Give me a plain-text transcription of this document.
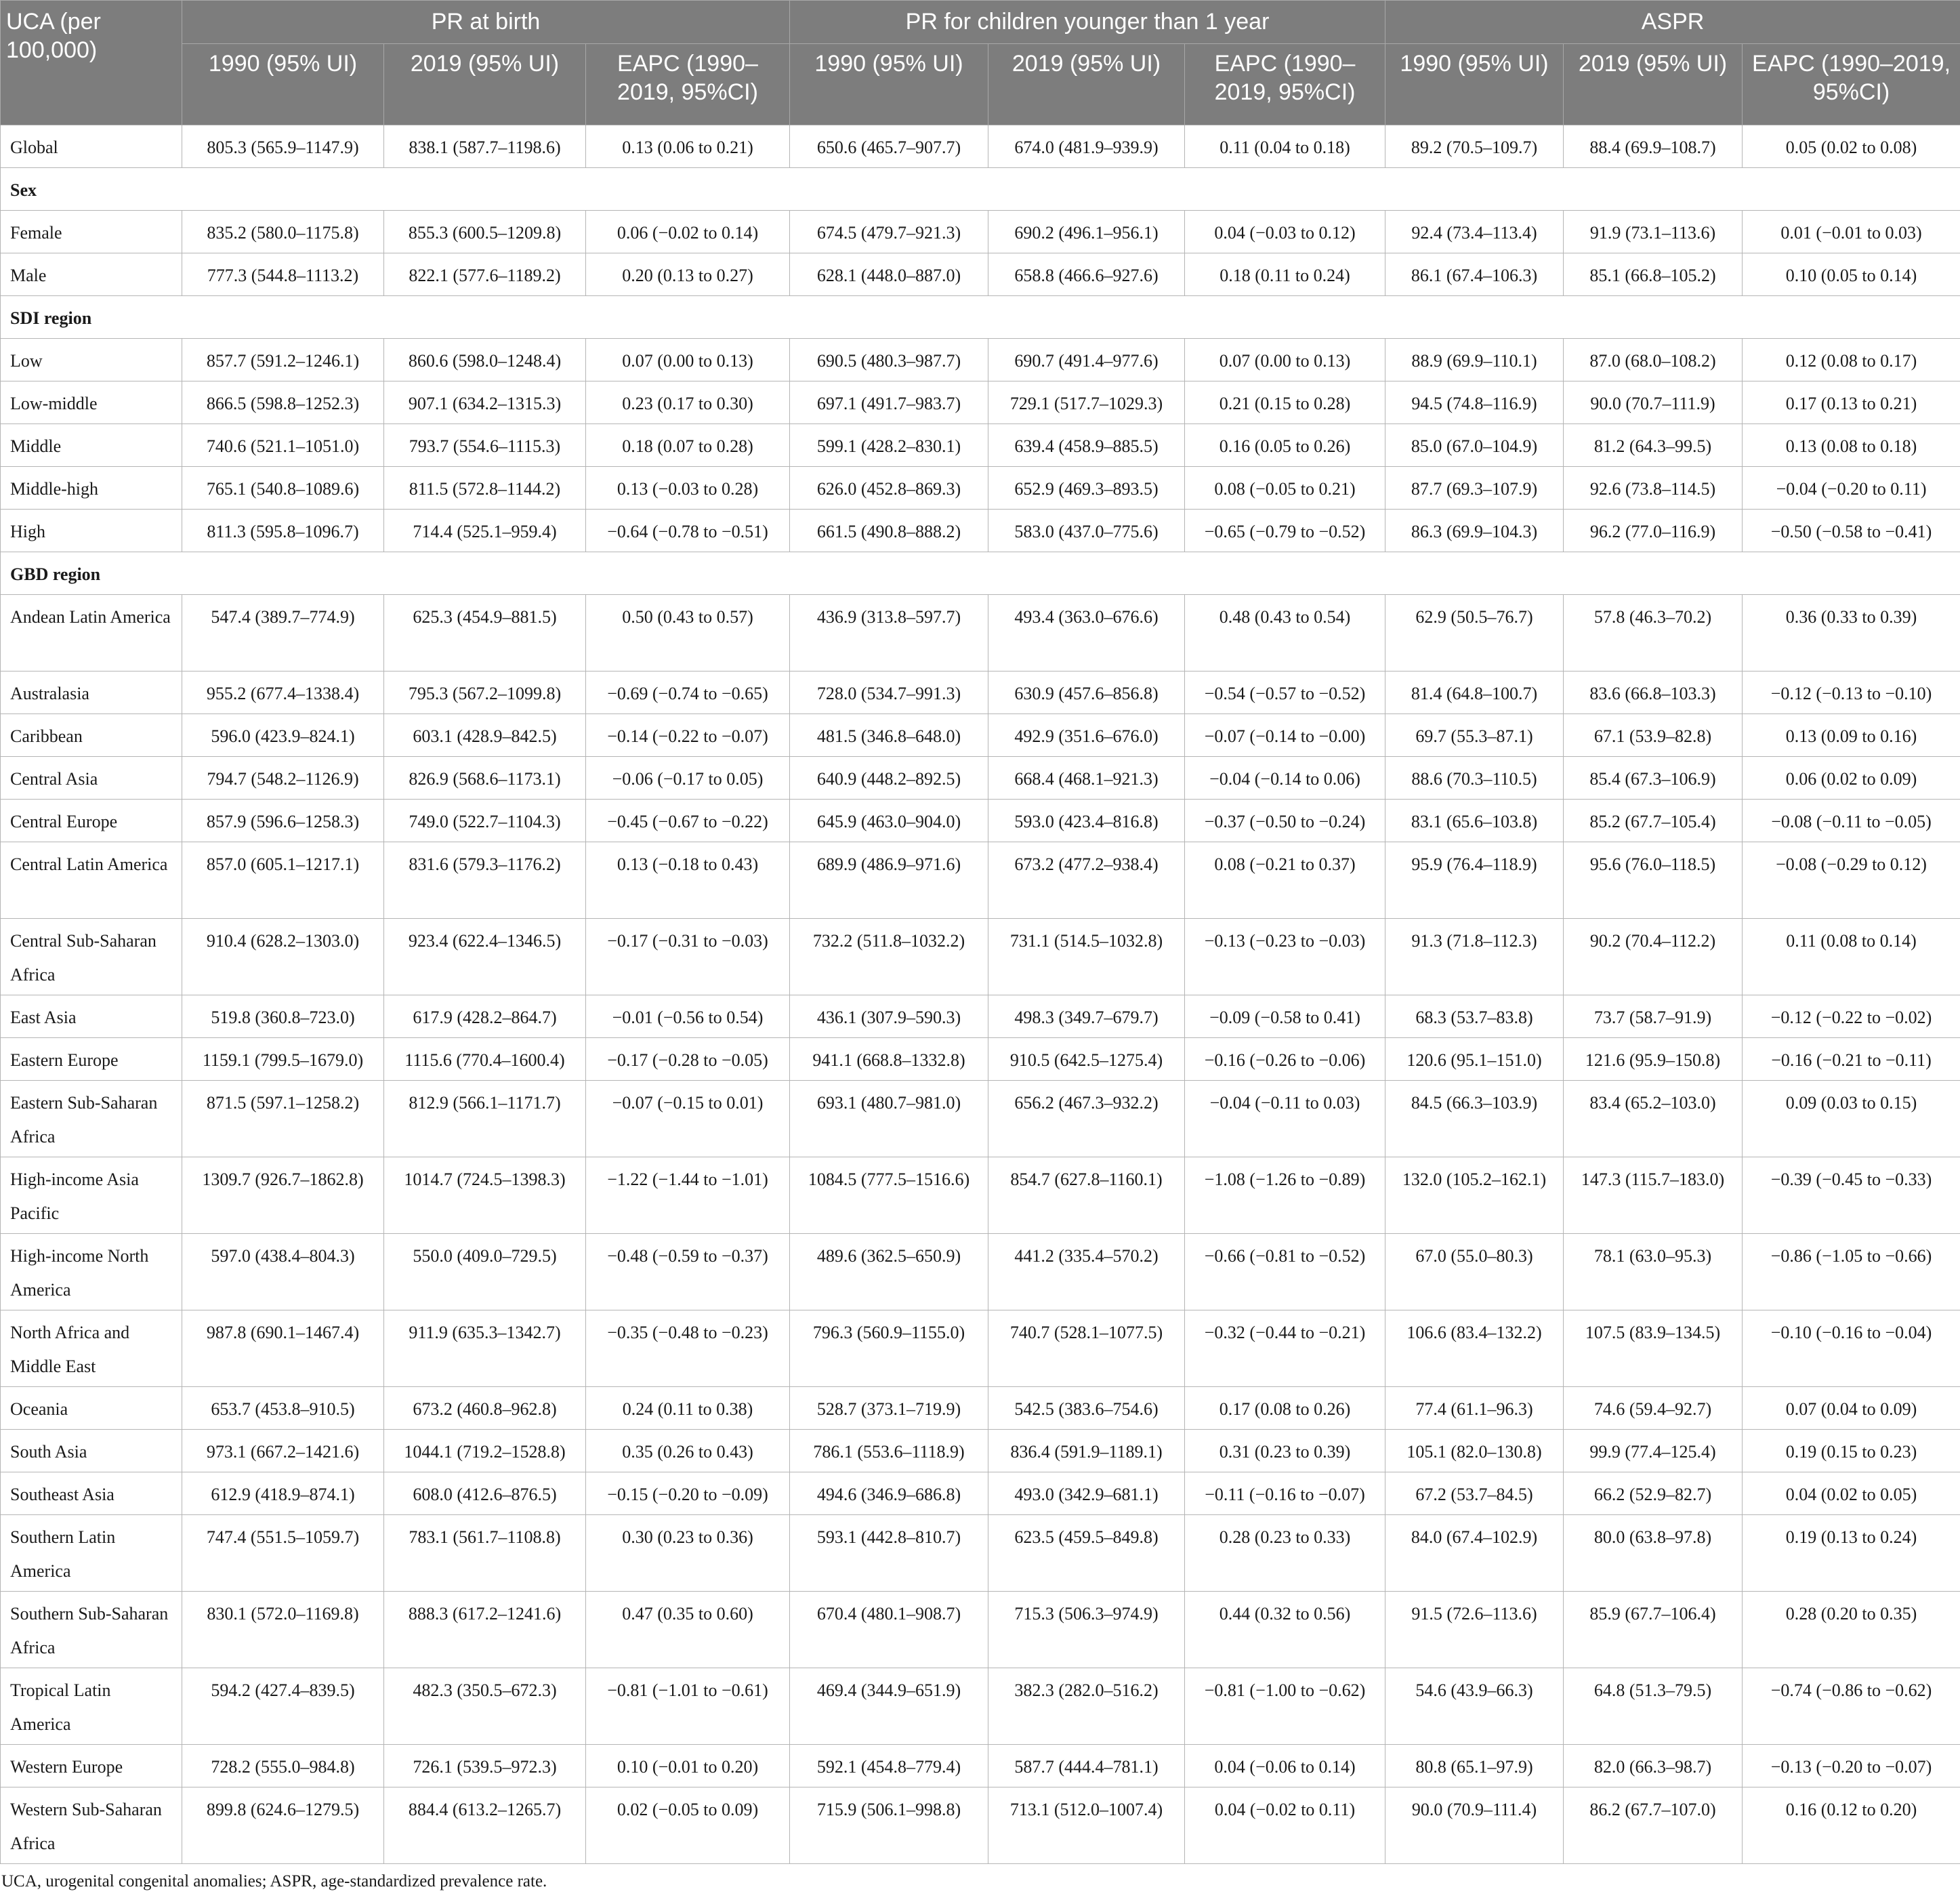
UCA (per 100,000)	PR at birth			PR for children younger than 1 year			ASPR		
	1990 (95% UI)	2019 (95% UI)	EAPC (1990–2019, 95%CI)	1990 (95% UI)	2019 (95% UI)	EAPC (1990–2019, 95%CI)	1990 (95% UI)	2019 (95% UI)	EAPC (1990–2019, 95%CI)
Global	805.3 (565.9–1147.9)	838.1 (587.7–1198.6)	0.13 (0.06 to 0.21)	650.6 (465.7–907.7)	674.0 (481.9–939.9)	0.11 (0.04 to 0.18)	89.2 (70.5–109.7)	88.4 (69.9–108.7)	0.05 (0.02 to 0.08)
Sex									
Female	835.2 (580.0–1175.8)	855.3 (600.5–1209.8)	0.06 (−0.02 to 0.14)	674.5 (479.7–921.3)	690.2 (496.1–956.1)	0.04 (−0.03 to 0.12)	92.4 (73.4–113.4)	91.9 (73.1–113.6)	0.01 (−0.01 to 0.03)
Male	777.3 (544.8–1113.2)	822.1 (577.6–1189.2)	0.20 (0.13 to 0.27)	628.1 (448.0–887.0)	658.8 (466.6–927.6)	0.18 (0.11 to 0.24)	86.1 (67.4–106.3)	85.1 (66.8–105.2)	0.10 (0.05 to 0.14)
SDI region									
Low	857.7 (591.2–1246.1)	860.6 (598.0–1248.4)	0.07 (0.00 to 0.13)	690.5 (480.3–987.7)	690.7 (491.4–977.6)	0.07 (0.00 to 0.13)	88.9 (69.9–110.1)	87.0 (68.0–108.2)	0.12 (0.08 to 0.17)
Low-middle	866.5 (598.8–1252.3)	907.1 (634.2–1315.3)	0.23 (0.17 to 0.30)	697.1 (491.7–983.7)	729.1 (517.7–1029.3)	0.21 (0.15 to 0.28)	94.5 (74.8–116.9)	90.0 (70.7–111.9)	0.17 (0.13 to 0.21)
Middle	740.6 (521.1–1051.0)	793.7 (554.6–1115.3)	0.18 (0.07 to 0.28)	599.1 (428.2–830.1)	639.4 (458.9–885.5)	0.16 (0.05 to 0.26)	85.0 (67.0–104.9)	81.2 (64.3–99.5)	0.13 (0.08 to 0.18)
Middle-high	765.1 (540.8–1089.6)	811.5 (572.8–1144.2)	0.13 (−0.03 to 0.28)	626.0 (452.8–869.3)	652.9 (469.3–893.5)	0.08 (−0.05 to 0.21)	87.7 (69.3–107.9)	92.6 (73.8–114.5)	−0.04 (−0.20 to 0.11)
High	811.3 (595.8–1096.7)	714.4 (525.1–959.4)	−0.64 (−0.78 to −0.51)	661.5 (490.8–888.2)	583.0 (437.0–775.6)	−0.65 (−0.79 to −0.52)	86.3 (69.9–104.3)	96.2 (77.0–116.9)	−0.50 (−0.58 to −0.41)
GBD region									
Andean Latin America	547.4 (389.7–774.9)	625.3 (454.9–881.5)	0.50 (0.43 to 0.57)	436.9 (313.8–597.7)	493.4 (363.0–676.6)	0.48 (0.43 to 0.54)	62.9 (50.5–76.7)	57.8 (46.3–70.2)	0.36 (0.33 to 0.39)
Australasia	955.2 (677.4–1338.4)	795.3 (567.2–1099.8)	−0.69 (−0.74 to −0.65)	728.0 (534.7–991.3)	630.9 (457.6–856.8)	−0.54 (−0.57 to −0.52)	81.4 (64.8–100.7)	83.6 (66.8–103.3)	−0.12 (−0.13 to −0.10)
Caribbean	596.0 (423.9–824.1)	603.1 (428.9–842.5)	−0.14 (−0.22 to −0.07)	481.5 (346.8–648.0)	492.9 (351.6–676.0)	−0.07 (−0.14 to −0.00)	69.7 (55.3–87.1)	67.1 (53.9–82.8)	0.13 (0.09 to 0.16)
Central Asia	794.7 (548.2–1126.9)	826.9 (568.6–1173.1)	−0.06 (−0.17 to 0.05)	640.9 (448.2–892.5)	668.4 (468.1–921.3)	−0.04 (−0.14 to 0.06)	88.6 (70.3–110.5)	85.4 (67.3–106.9)	0.06 (0.02 to 0.09)
Central Europe	857.9 (596.6–1258.3)	749.0 (522.7–1104.3)	−0.45 (−0.67 to −0.22)	645.9 (463.0–904.0)	593.0 (423.4–816.8)	−0.37 (−0.50 to −0.24)	83.1 (65.6–103.8)	85.2 (67.7–105.4)	−0.08 (−0.11 to −0.05)
Central Latin America	857.0 (605.1–1217.1)	831.6 (579.3–1176.2)	0.13 (−0.18 to 0.43)	689.9 (486.9–971.6)	673.2 (477.2–938.4)	0.08 (−0.21 to 0.37)	95.9 (76.4–118.9)	95.6 (76.0–118.5)	−0.08 (−0.29 to 0.12)
Central Sub-Saharan Africa	910.4 (628.2–1303.0)	923.4 (622.4–1346.5)	−0.17 (−0.31 to −0.03)	732.2 (511.8–1032.2)	731.1 (514.5–1032.8)	−0.13 (−0.23 to −0.03)	91.3 (71.8–112.3)	90.2 (70.4–112.2)	0.11 (0.08 to 0.14)
East Asia	519.8 (360.8–723.0)	617.9 (428.2–864.7)	−0.01 (−0.56 to 0.54)	436.1 (307.9–590.3)	498.3 (349.7–679.7)	−0.09 (−0.58 to 0.41)	68.3 (53.7–83.8)	73.7 (58.7–91.9)	−0.12 (−0.22 to −0.02)
Eastern Europe	1159.1 (799.5–1679.0)	1115.6 (770.4–1600.4)	−0.17 (−0.28 to −0.05)	941.1 (668.8–1332.8)	910.5 (642.5–1275.4)	−0.16 (−0.26 to −0.06)	120.6 (95.1–151.0)	121.6 (95.9–150.8)	−0.16 (−0.21 to −0.11)
Eastern Sub-Saharan Africa	871.5 (597.1–1258.2)	812.9 (566.1–1171.7)	−0.07 (−0.15 to 0.01)	693.1 (480.7–981.0)	656.2 (467.3–932.2)	−0.04 (−0.11 to 0.03)	84.5 (66.3–103.9)	83.4 (65.2–103.0)	0.09 (0.03 to 0.15)
High-income Asia Pacific	1309.7 (926.7–1862.8)	1014.7 (724.5–1398.3)	−1.22 (−1.44 to −1.01)	1084.5 (777.5–1516.6)	854.7 (627.8–1160.1)	−1.08 (−1.26 to −0.89)	132.0 (105.2–162.1)	147.3 (115.7–183.0)	−0.39 (−0.45 to −0.33)
High-income North America	597.0 (438.4–804.3)	550.0 (409.0–729.5)	−0.48 (−0.59 to −0.37)	489.6 (362.5–650.9)	441.2 (335.4–570.2)	−0.66 (−0.81 to −0.52)	67.0 (55.0–80.3)	78.1 (63.0–95.3)	−0.86 (−1.05 to −0.66)
North Africa and Middle East	987.8 (690.1–1467.4)	911.9 (635.3–1342.7)	−0.35 (−0.48 to −0.23)	796.3 (560.9–1155.0)	740.7 (528.1–1077.5)	−0.32 (−0.44 to −0.21)	106.6 (83.4–132.2)	107.5 (83.9–134.5)	−0.10 (−0.16 to −0.04)
Oceania	653.7 (453.8–910.5)	673.2 (460.8–962.8)	0.24 (0.11 to 0.38)	528.7 (373.1–719.9)	542.5 (383.6–754.6)	0.17 (0.08 to 0.26)	77.4 (61.1–96.3)	74.6 (59.4–92.7)	0.07 (0.04 to 0.09)
South Asia	973.1 (667.2–1421.6)	1044.1 (719.2–1528.8)	0.35 (0.26 to 0.43)	786.1 (553.6–1118.9)	836.4 (591.9–1189.1)	0.31 (0.23 to 0.39)	105.1 (82.0–130.8)	99.9 (77.4–125.4)	0.19 (0.15 to 0.23)
Southeast Asia	612.9 (418.9–874.1)	608.0 (412.6–876.5)	−0.15 (−0.20 to −0.09)	494.6 (346.9–686.8)	493.0 (342.9–681.1)	−0.11 (−0.16 to −0.07)	67.2 (53.7–84.5)	66.2 (52.9–82.7)	0.04 (0.02 to 0.05)
Southern Latin America	747.4 (551.5–1059.7)	783.1 (561.7–1108.8)	0.30 (0.23 to 0.36)	593.1 (442.8–810.7)	623.5 (459.5–849.8)	0.28 (0.23 to 0.33)	84.0 (67.4–102.9)	80.0 (63.8–97.8)	0.19 (0.13 to 0.24)
Southern Sub-Saharan Africa	830.1 (572.0–1169.8)	888.3 (617.2–1241.6)	0.47 (0.35 to 0.60)	670.4 (480.1–908.7)	715.3 (506.3–974.9)	0.44 (0.32 to 0.56)	91.5 (72.6–113.6)	85.9 (67.7–106.4)	0.28 (0.20 to 0.35)
Tropical Latin America	594.2 (427.4–839.5)	482.3 (350.5–672.3)	−0.81 (−1.01 to −0.61)	469.4 (344.9–651.9)	382.3 (282.0–516.2)	−0.81 (−1.00 to −0.62)	54.6 (43.9–66.3)	64.8 (51.3–79.5)	−0.74 (−0.86 to −0.62)
Western Europe	728.2 (555.0–984.8)	726.1 (539.5–972.3)	0.10 (−0.01 to 0.20)	592.1 (454.8–779.4)	587.7 (444.4–781.1)	0.04 (−0.06 to 0.14)	80.8 (65.1–97.9)	82.0 (66.3–98.7)	−0.13 (−0.20 to −0.07)
Western Sub-Saharan Africa	899.8 (624.6–1279.5)	884.4 (613.2–1265.7)	0.02 (−0.05 to 0.09)	715.9 (506.1–998.8)	713.1 (512.0–1007.4)	0.04 (−0.02 to 0.11)	90.0 (70.9–111.4)	86.2 (67.7–107.0)	0.16 (0.12 to 0.20)
UCA, urogenital congenital anomalies; ASPR, age-standardized prevalence rate.
